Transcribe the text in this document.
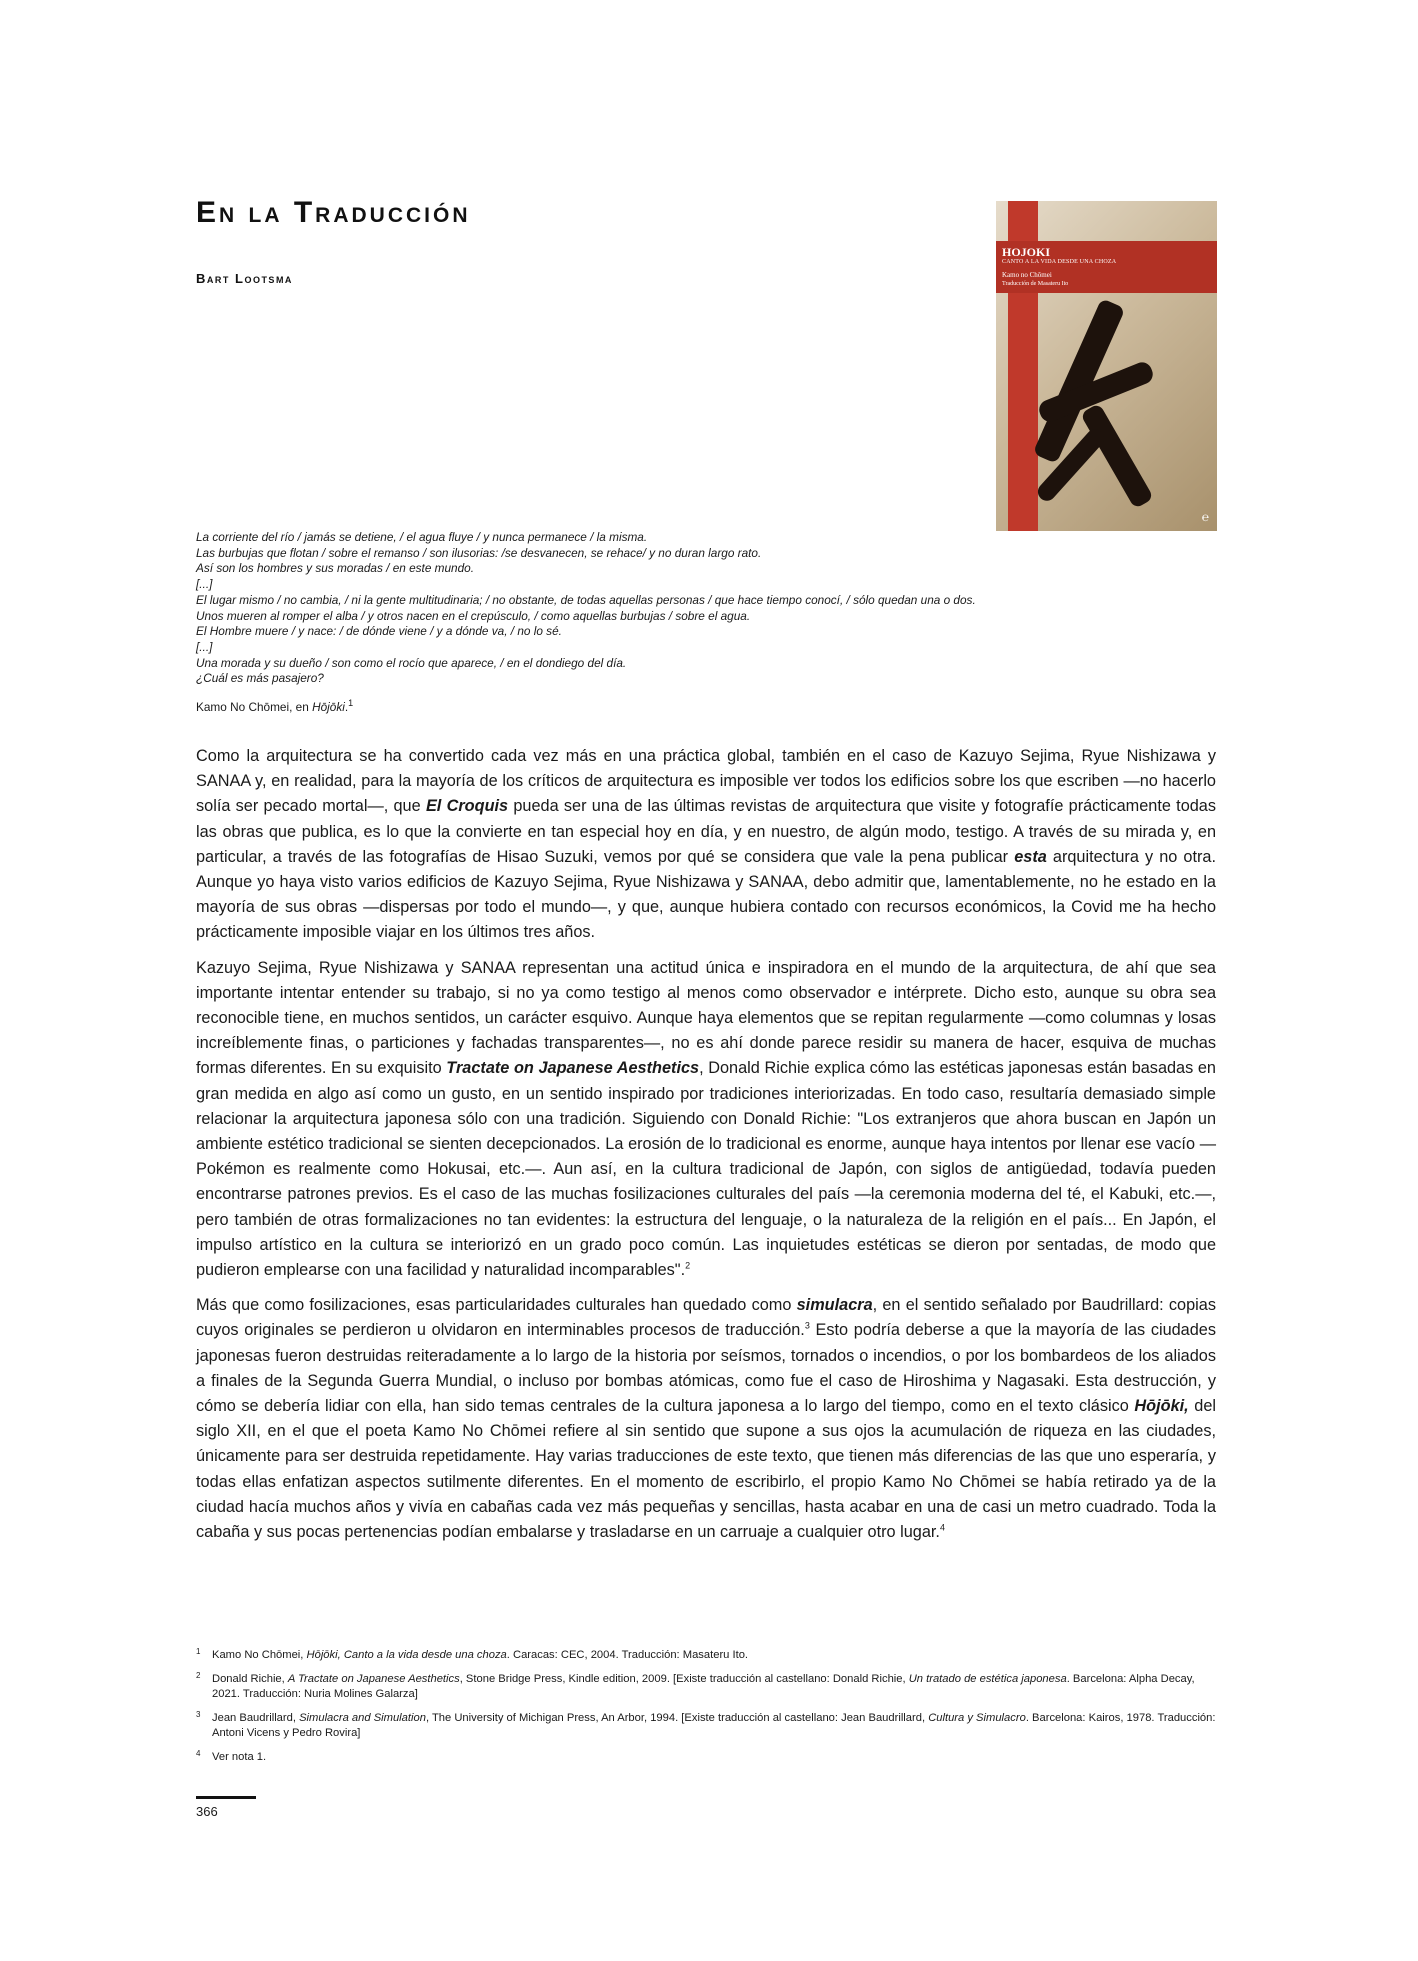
En la Traducción
Bart Lootsma
HOJOKI
CANTO A LA VIDA DESDE UNA CHOZA
Kamo no Chōmei
Traducción de Masateru Ito
℮
La corriente del río / jamás se detiene, / el agua fluye / y nunca permanece / la misma.
Las burbujas que flotan / sobre el remanso / son ilusorias: /se desvanecen, se rehace/ y no duran largo rato.
Así son los hombres y sus moradas / en este mundo.
[...]
El lugar mismo / no cambia, / ni la gente multitudinaria; / no obstante, de todas aquellas personas / que hace tiempo conocí, / sólo quedan una o dos.
Unos mueren al romper el alba / y otros nacen en el crepúsculo, / como aquellas burbujas / sobre el agua.
El Hombre muere / y nace: / de dónde viene / y a dónde va, / no lo sé.
[...]
Una morada y su dueño / son como el rocío que aparece, / en el dondiego del día.
¿Cuál es más pasajero?
Kamo No Chōmei, en Hōjōki.$^1$

Como la arquitectura se ha convertido cada vez más en una práctica global, también en el caso de Kazuyo Sejima, Ryue Nishizawa y SANAA y, en realidad, para la mayoría de los críticos de arquitectura es imposible ver todos los edificios sobre los que escriben —no hacerlo solía ser pecado mortal—, que El Croquis pueda ser una de las últimas revistas de arquitectura que visite y fotografíe prácticamente todas las obras que publica, es lo que la convierte en tan especial hoy en día, y en nuestro, de algún modo, testigo. A través de su mirada y, en particular, a través de las fotografías de Hisao Suzuki, vemos por qué se considera que vale la pena publicar esta arquitectura y no otra. Aunque yo haya visto varios edificios de Kazuyo Sejima, Ryue Nishizawa y SANAA, debo admitir que, lamentablemente, no he estado en la mayoría de sus obras —dispersas por todo el mundo—, y que, aunque hubiera contado con recursos económicos, la Covid me ha hecho prácticamente imposible viajar en los últimos tres años.

Kazuyo Sejima, Ryue Nishizawa y SANAA representan una actitud única e inspiradora en el mundo de la arquitectura, de ahí que sea importante intentar entender su trabajo, si no ya como testigo al menos como observador e intérprete. Dicho esto, aunque su obra sea reconocible tiene, en muchos sentidos, un carácter esquivo. Aunque haya elementos que se repitan regularmente —como columnas y losas increíblemente finas, o particiones y fachadas transparentes—, no es ahí donde parece residir su manera de hacer, esquiva de muchas formas diferentes. En su exquisito Tractate on Japanese Aesthetics, Donald Richie explica cómo las estéticas japonesas están basadas en gran medida en algo así como un gusto, en un sentido inspirado por tradiciones interiorizadas. En todo caso, resultaría demasiado simple relacionar la arquitectura japonesa sólo con una tradición. Siguiendo con Donald Richie: "Los extranjeros que ahora buscan en Japón un ambiente estético tradicional se sienten decepcionados. La erosión de lo tradicional es enorme, aunque haya intentos por llenar ese vacío —Pokémon es realmente como Hokusai, etc.—. Aun así, en la cultura tradicional de Japón, con siglos de antigüedad, todavía pueden encontrarse patrones previos. Es el caso de las muchas fosilizaciones culturales del país —la ceremonia moderna del té, el Kabuki, etc.—, pero también de otras formalizaciones no tan evidentes: la estructura del lenguaje, o la naturaleza de la religión en el país... En Japón, el impulso artístico en la cultura se interiorizó en un grado poco común. Las inquietudes estéticas se dieron por sentadas, de modo que pudieron emplearse con una facilidad y naturalidad incomparables".$^2$

Más que como fosilizaciones, esas particularidades culturales han quedado como simulacra, en el sentido señalado por Baudrillard: copias cuyos originales se perdieron u olvidaron en interminables procesos de traducción.$^3$ Esto podría deberse a que la mayoría de las ciudades japonesas fueron destruidas reiteradamente a lo largo de la historia por seísmos, tornados o incendios, o por los bombardeos de los aliados a finales de la Segunda Guerra Mundial, o incluso por bombas atómicas, como fue el caso de Hiroshima y Nagasaki. Esta destrucción, y cómo se debería lidiar con ella, han sido temas centrales de la cultura japonesa a lo largo del tiempo, como en el texto clásico Hōjōki, del siglo XII, en el que el poeta Kamo No Chōmei refiere al sin sentido que supone a sus ojos la acumulación de riqueza en las ciudades, únicamente para ser destruida repetidamente. Hay varias traducciones de este texto, que tienen más diferencias de las que uno esperaría, y todas ellas enfatizan aspectos sutilmente diferentes. En el momento de escribirlo, el propio Kamo No Chōmei se había retirado ya de la ciudad hacía muchos años y vivía en cabañas cada vez más pequeñas y sencillas, hasta acabar en una de casi un metro cuadrado. Toda la cabaña y sus pocas pertenencias podían embalarse y trasladarse en un carruaje a cualquier otro lugar.$^4$

1 Kamo No Chōmei, Hōjōki, Canto a la vida desde una choza. Caracas: CEC, 2004. Traducción: Masateru Ito.
2 Donald Richie, A Tractate on Japanese Aesthetics, Stone Bridge Press, Kindle edition, 2009. [Existe traducción al castellano: Donald Richie, Un tratado de estética japonesa. Barcelona: Alpha Decay, 2021. Traducción: Nuria Molines Galarza]
3 Jean Baudrillard, Simulacra and Simulation, The University of Michigan Press, An Arbor, 1994. [Existe traducción al castellano: Jean Baudrillard, Cultura y Simulacro. Barcelona: Kairos, 1978. Traducción: Antoni Vicens y Pedro Rovira]
4 Ver nota 1.
366
